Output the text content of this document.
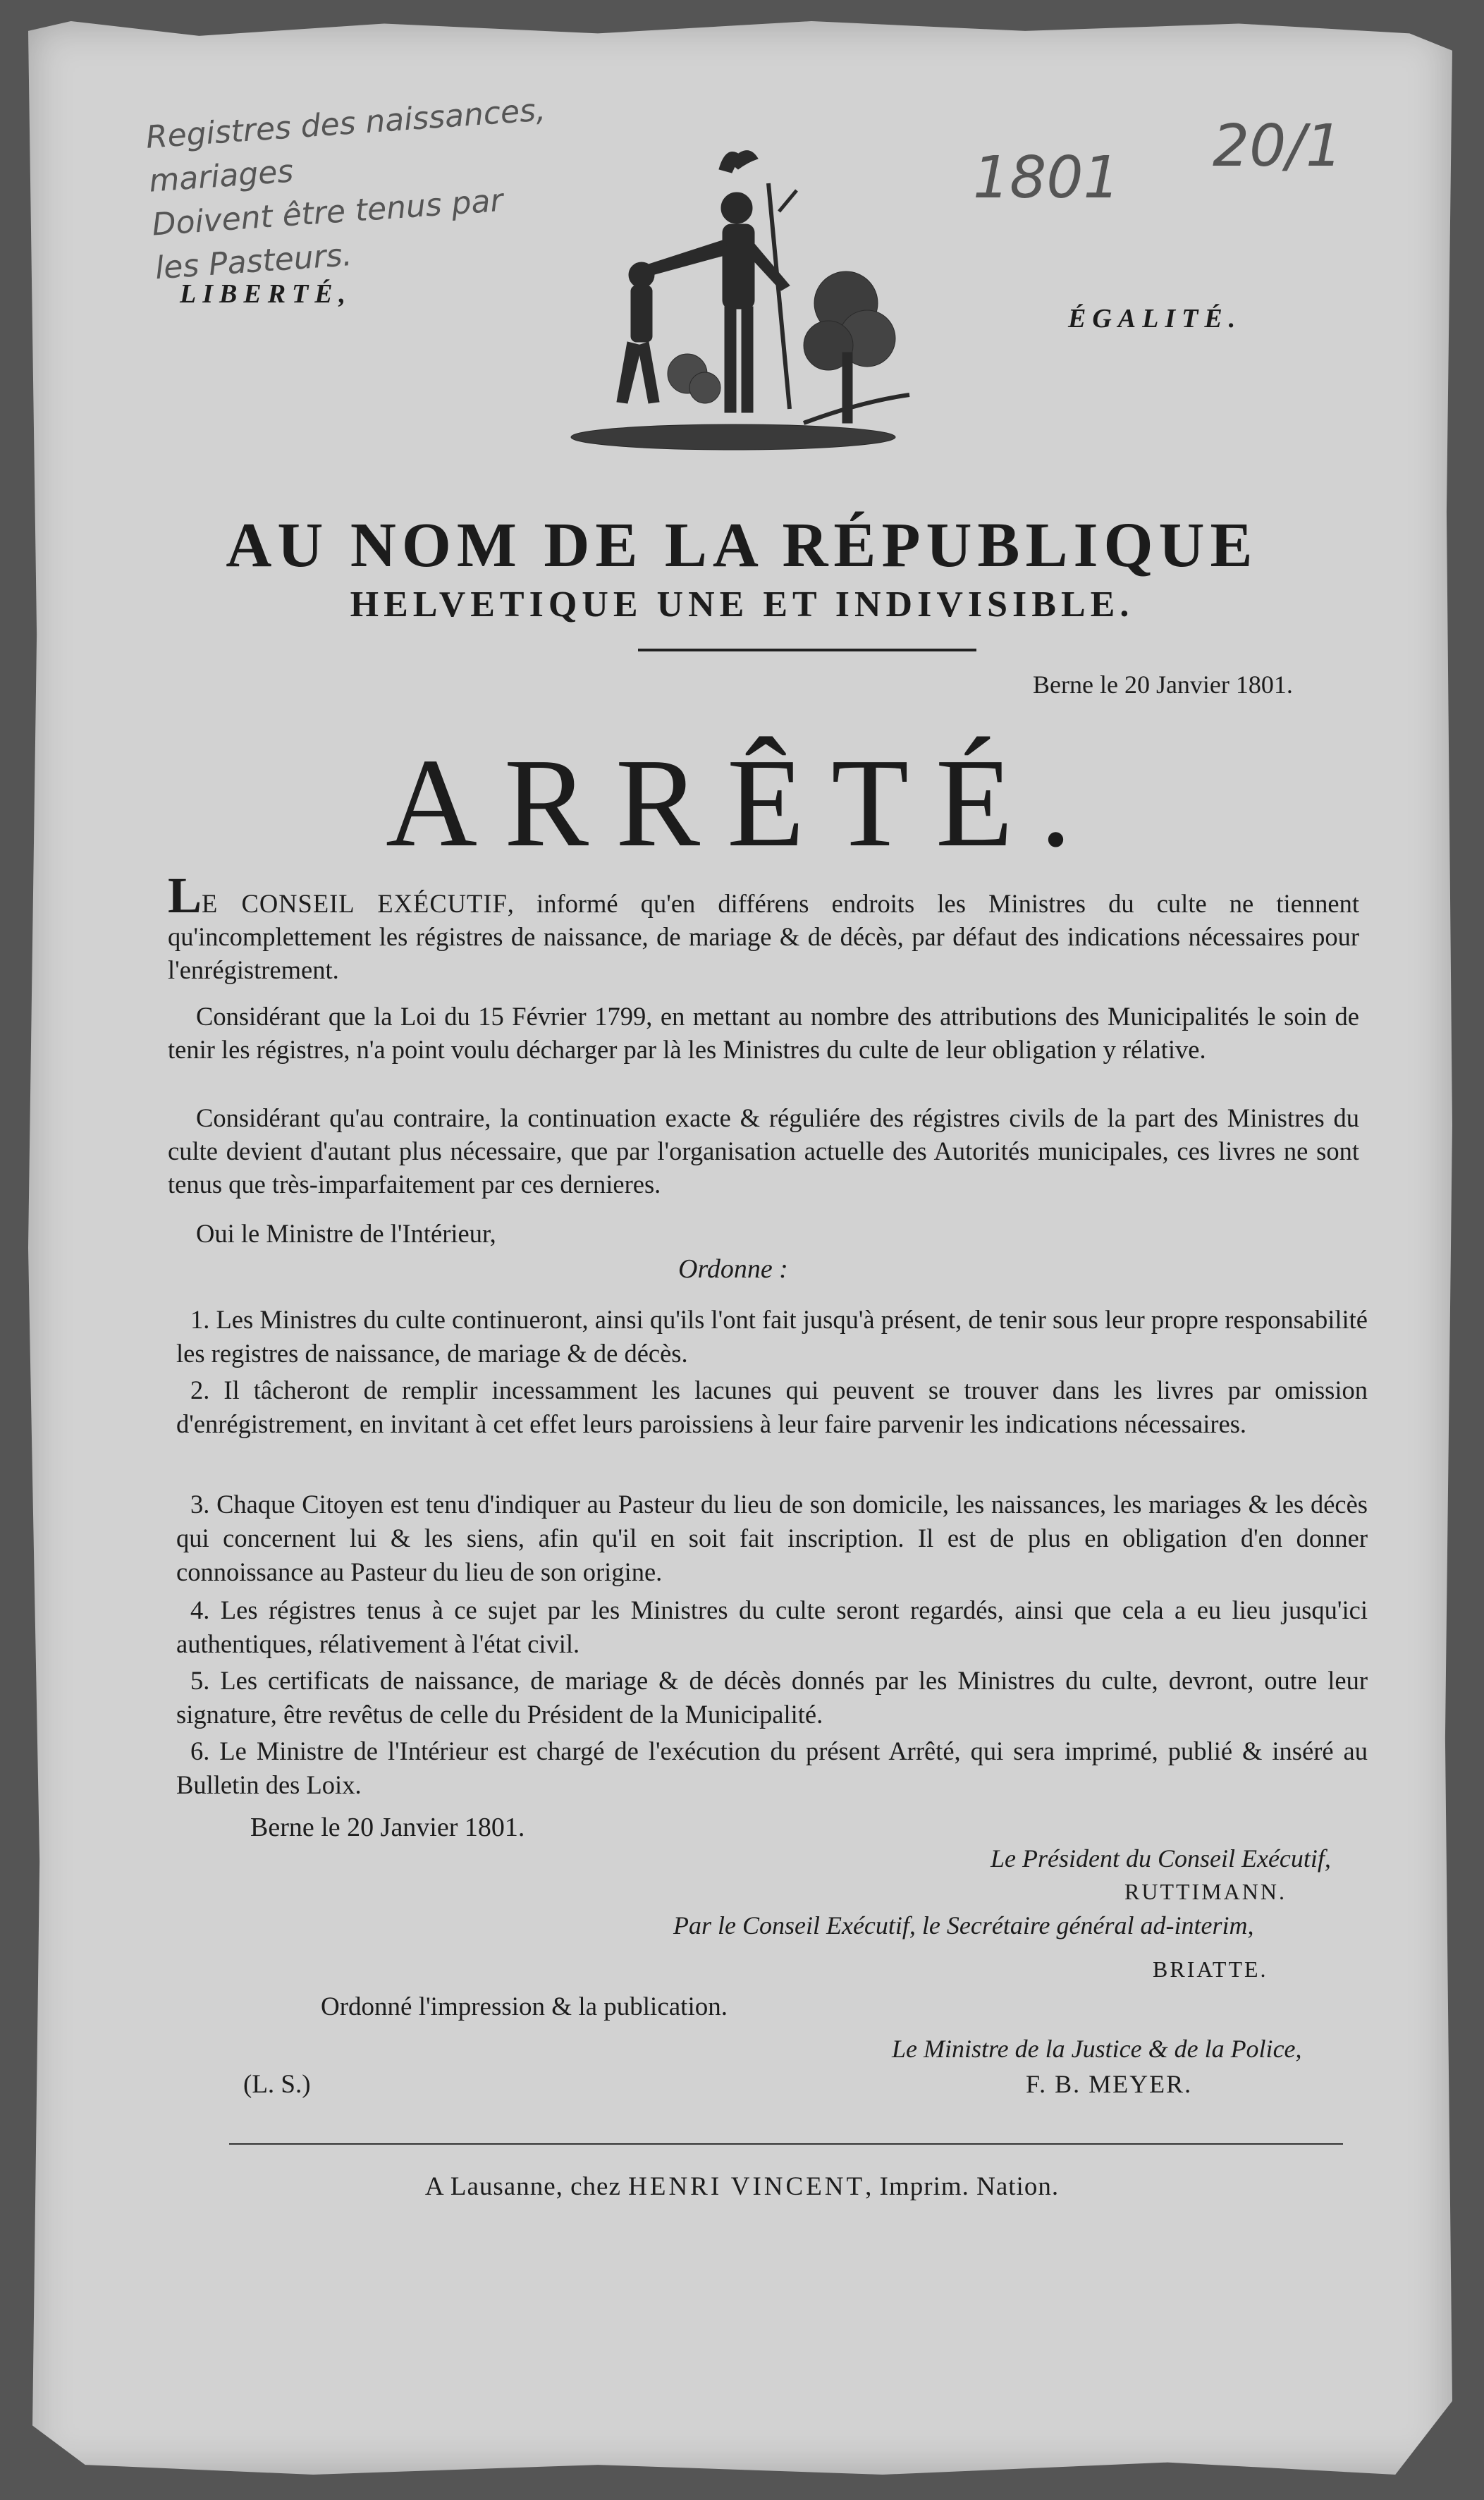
Registres des naissances, mariages
Doivent être tenus par
les Pasteurs.
1801 20/1
LIBERTÉ,
ÉGALITÉ.
AU NOM DE LA RÉPUBLIQUE
HELVETIQUE UNE ET INDIVISIBLE.
Berne le 20 Janvier 1801.
ARRÊTÉ.
LE CONSEIL EXÉCUTIF, informé qu'en différens endroits les Ministres du culte ne tiennent qu'incomplettement les régistres de naissance, de mariage & de décès, par défaut des indications nécessaires pour l'enrégistrement.
Considérant que la Loi du 15 Février 1799, en mettant au nombre des attributions des Municipalités le soin de tenir les régistres, n'a point voulu décharger par là les Ministres du culte de leur obligation y rélative.
Considérant qu'au contraire, la continuation exacte & réguliére des régistres civils de la part des Ministres du culte devient d'autant plus nécessaire, que par l'organisation actuelle des Autorités municipales, ces livres ne sont tenus que très-imparfaitement par ces dernieres.
Oui le Ministre de l'Intérieur,
Ordonne :
1. Les Ministres du culte continueront, ainsi qu'ils l'ont fait jusqu'à présent, de tenir sous leur propre responsabilité les registres de naissance, de mariage & de décès.
2. Il tâcheront de remplir incessamment les lacunes qui peuvent se trouver dans les livres par omission d'enrégistrement, en invitant à cet effet leurs paroissiens à leur faire parvenir les indications nécessaires.
3. Chaque Citoyen est tenu d'indiquer au Pasteur du lieu de son domicile, les naissances, les mariages & les décès qui concernent lui & les siens, afin qu'il en soit fait inscription. Il est de plus en obligation d'en donner connoissance au Pasteur du lieu de son origine.
4. Les régistres tenus à ce sujet par les Ministres du culte seront regardés, ainsi que cela a eu lieu jusqu'ici authentiques, rélativement à l'état civil.
5. Les certificats de naissance, de mariage & de décès donnés par les Ministres du culte, devront, outre leur signature, être revêtus de celle du Président de la Municipalité.
6. Le Ministre de l'Intérieur est chargé de l'exécution du présent Arrêté, qui sera imprimé, publié & inséré au Bulletin des Loix.
Berne le 20 Janvier 1801.
Le Président du Conseil Exécutif,
RUTTIMANN.
Par le Conseil Exécutif, le Secrétaire général ad-interim,
BRIATTE.
Ordonné l'impression & la publication.
Le Ministre de la Justice & de la Police,
(L. S.)	F. B. MEYER.
A Lausanne, chez HENRI VINCENT, Imprim. Nation.
